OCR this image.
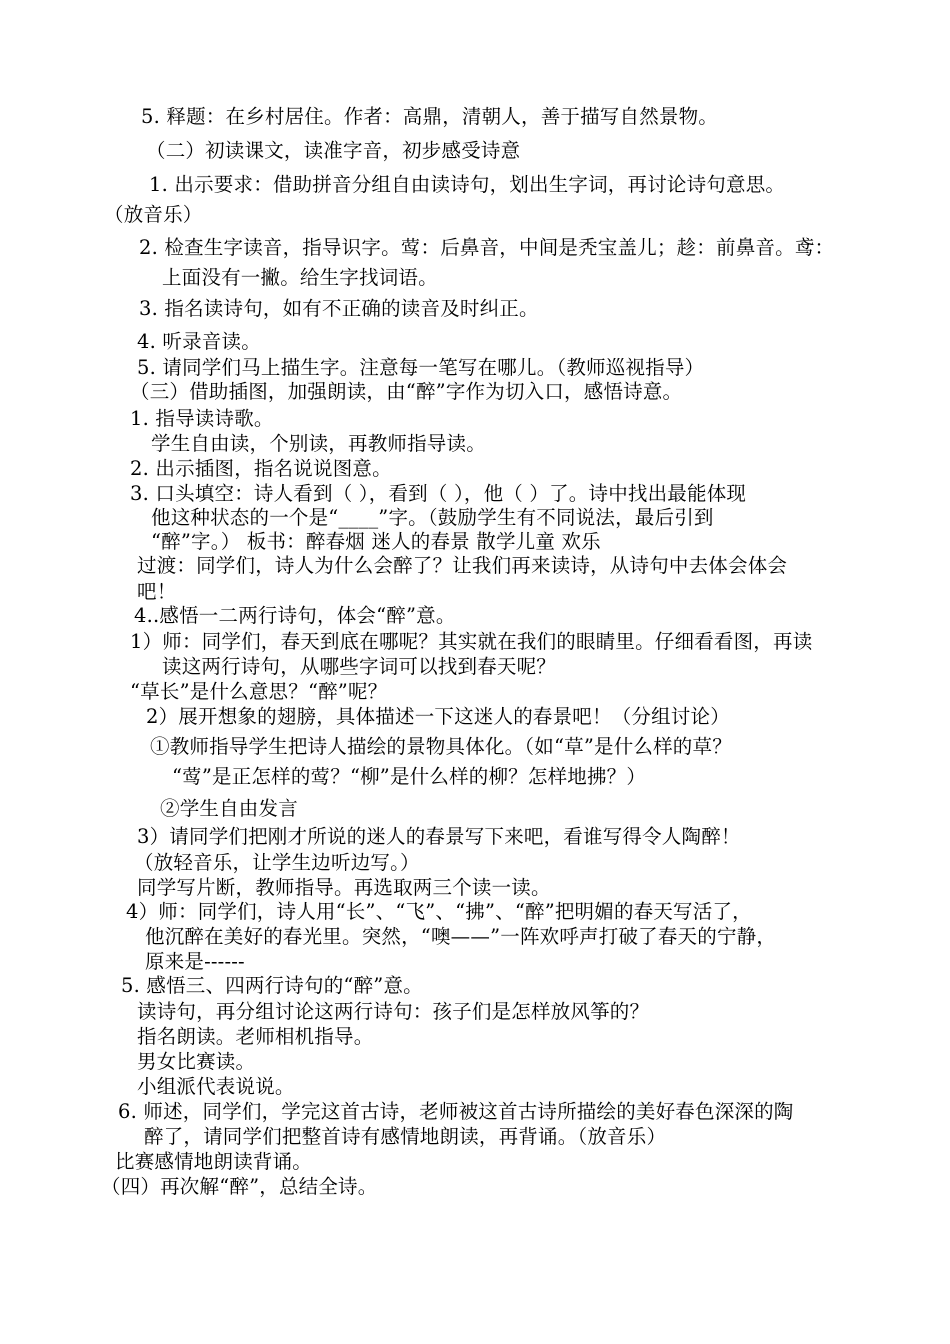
5. 释题：在乡村居住。作者：高鼎，清朝人，善于描写自然景物。
（二）初读课文，读准字音，初步感受诗意
1. 出示要求：借助拼音分组自由读诗句，划出生字词，再讨论诗句意思。
（放音乐）
2. 检查生字读音，指导识字。莺：后鼻音，中间是秃宝盖儿；趁：前鼻音。鸢：
上面没有一撇。给生字找词语。
3. 指名读诗句，如有不正确的读音及时纠正。
4. 听录音读。
5. 请同学们马上描生字。注意每一笔写在哪儿。（教师巡视指导）
（三）借助插图，加强朗读，由“醉”字作为切入口，感悟诗意。
1. 指导读诗歌。
学生自由读，个别读，再教师指导读。
2. 出示插图，指名说说图意。
3. 口头填空：诗人看到（ ），看到（ ），他（ ）了。诗中找出最能体现
他这种状态的一个是“____”字。（鼓励学生有不同说法，最后引到
“醉”字。） 板书：醉春烟 迷人的春景 散学儿童 欢乐
过渡：同学们，诗人为什么会醉了？让我们再来读诗，从诗句中去体会体会
吧！
4..感悟一二两行诗句，体会“醉”意。
1）师：同学们，春天到底在哪呢？其实就在我们的眼睛里。仔细看看图，再读
读这两行诗句，从哪些字词可以找到春天呢？
“草长”是什么意思？“醉”呢？
2）展开想象的翅膀，具体描述一下这迷人的春景吧！（分组讨论）
①教师指导学生把诗人描绘的景物具体化。（如“草”是什么样的草？
“莺”是正怎样的莺？“柳”是什么样的柳？怎样地拂？）
②学生自由发言
3）请同学们把刚才所说的迷人的春景写下来吧，看谁写得令人陶醉！
（放轻音乐，让学生边听边写。）
同学写片断，教师指导。再选取两三个读一读。
4）师：同学们，诗人用“长”、“飞”、“拂”、“醉”把明媚的春天写活了，
他沉醉在美好的春光里。突然，“噢——”一阵欢呼声打破了春天的宁静，
原来是------
5. 感悟三、四两行诗句的“醉”意。
读诗句，再分组讨论这两行诗句：孩子们是怎样放风筝的？
指名朗读。老师相机指导。
男女比赛读。
小组派代表说说。
6. 师述，同学们，学完这首古诗，老师被这首古诗所描绘的美好春色深深的陶
醉了，请同学们把整首诗有感情地朗读，再背诵。（放音乐）
比赛感情地朗读背诵。
（四）再次解“醉”，总结全诗。
